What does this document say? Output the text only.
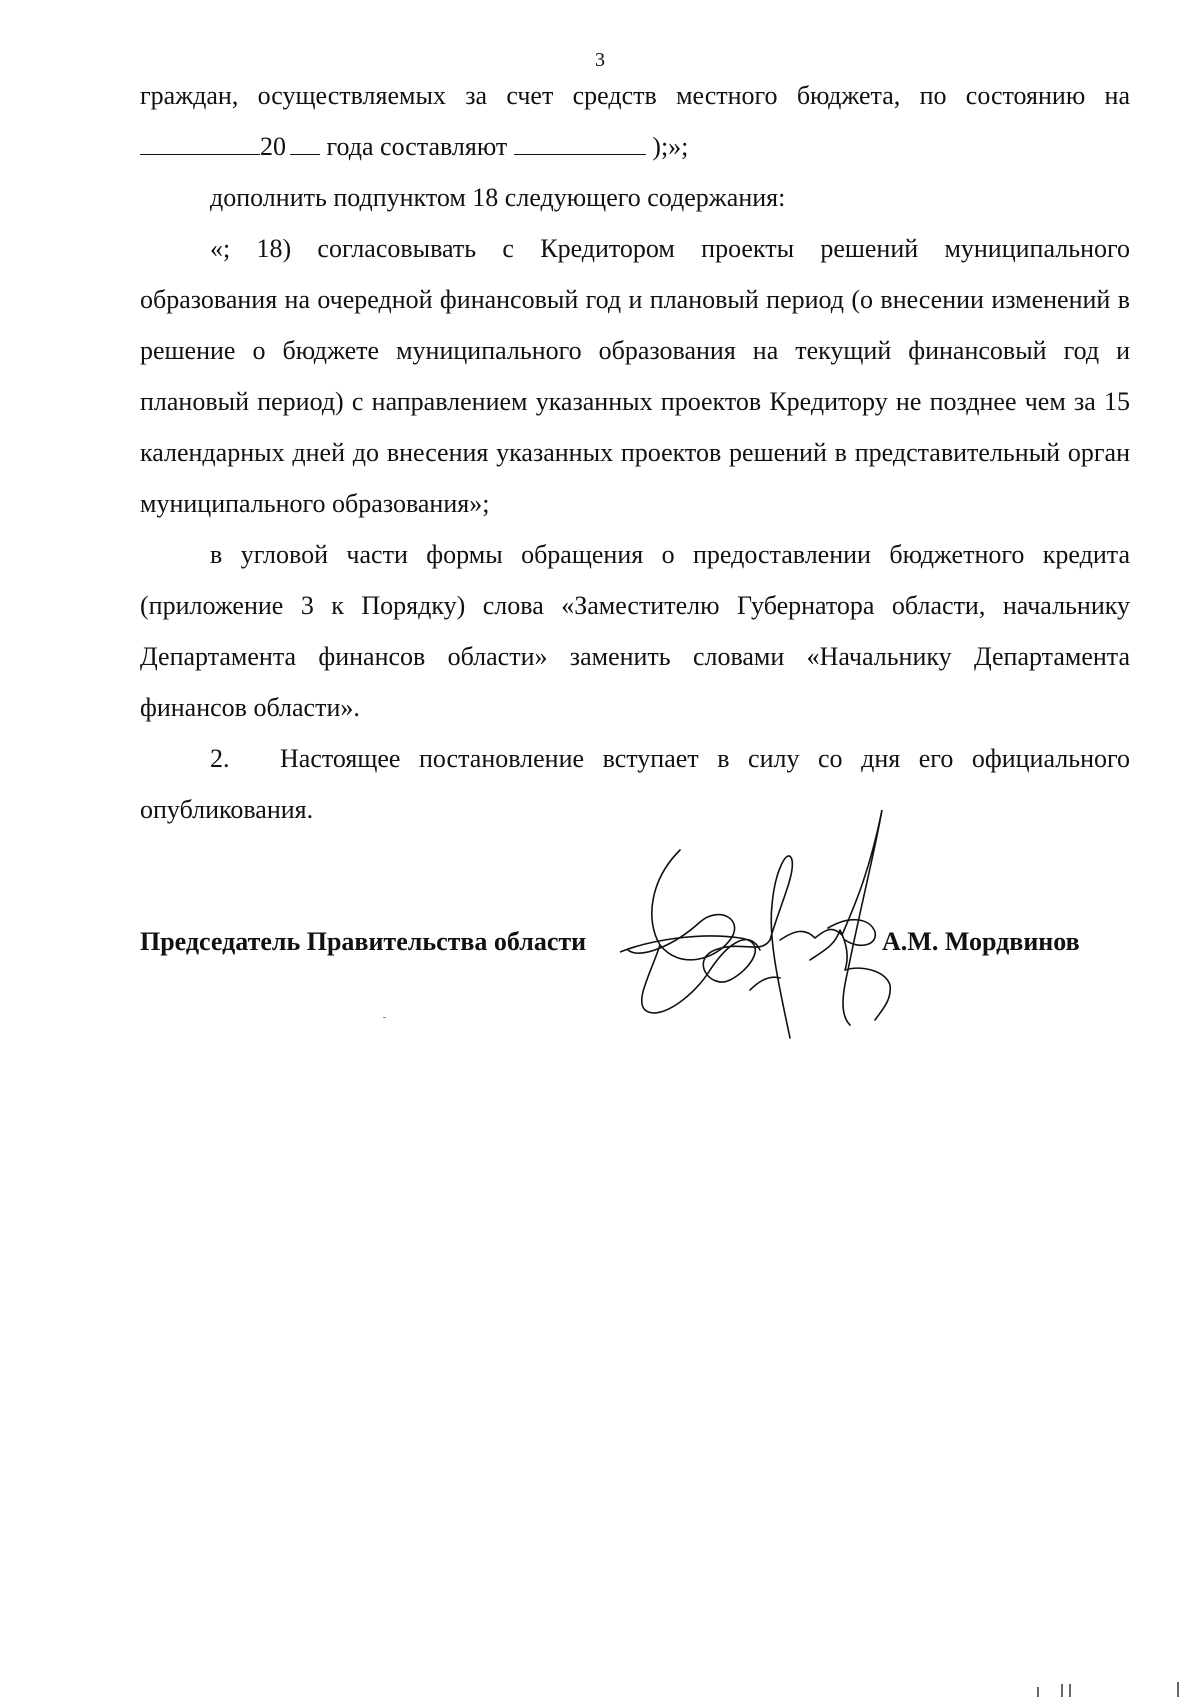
3

граждан, осуществляемых за счет средств местного бюджета, по состоянию на

20 года составляют	);»;

дополнить подпунктом 18 следующего содержания:

«; 18) согласовывать с Кредитором проекты решений муниципального образования на очередной финансовый год и плановый период (о внесении изменений в решение о бюджете муниципального образования на текущий финансовый год и плановый период) с направлением указанных проектов Кредитору не позднее чем за 15 календарных дней до внесения указанных проектов решений в представительный орган муниципального образования»;

в угловой части формы обращения о предоставлении бюджетного кредита (приложение 3 к Порядку) слова «Заместителю Губернатора области, начальнику Департамента финансов области» заменить словами «Начальнику Департамента финансов области».

2. Настоящее постановление вступает в силу со дня его официального опубликования.

Председатель Правительства области	А.М. Мордвинов
